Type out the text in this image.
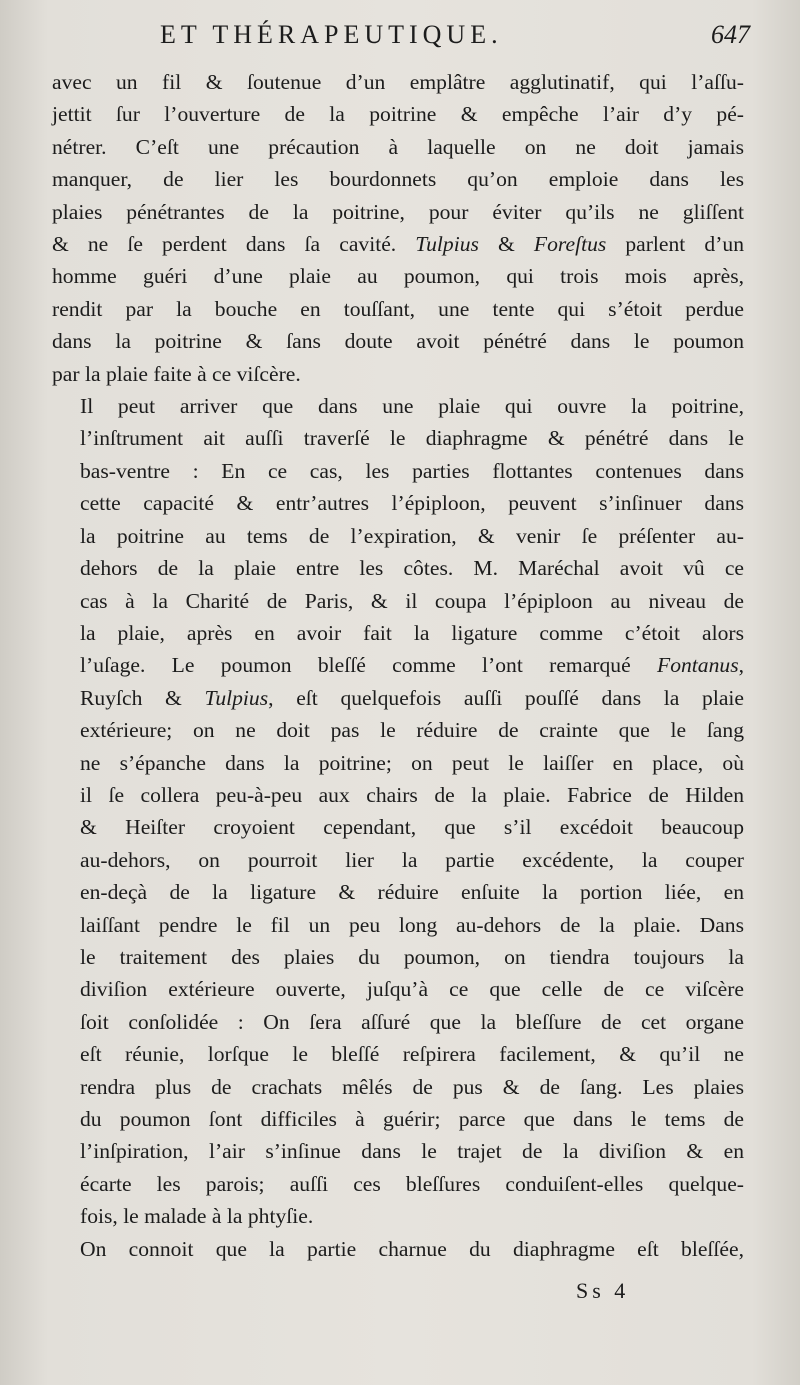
ET THÉRAPEUTIQUE.	647

avec un fil & ſoutenue d’un emplâtre agglutinatif, qui l’aſſu-
jettit ſur l’ouverture de la poitrine & empêche l’air d’y pé-
nétrer. C’eſt une précaution à laquelle on ne doit jamais
manquer, de lier les bourdonnets qu’on emploie dans les
plaies pénétrantes de la poitrine, pour éviter qu’ils ne gliſſent
& ne ſe perdent dans ſa cavité. Tulpius & Foreſtus parlent d’un
homme guéri d’une plaie au poumon, qui trois mois après,
rendit par la bouche en touſſant, une tente qui s’étoit perdue
dans la poitrine & ſans doute avoit pénétré dans le poumon
par la plaie faite à ce viſcère.

Il peut arriver que dans une plaie qui ouvre la poitrine,
l’inſtrument ait auſſi traverſé le diaphragme & pénétré dans le
bas-ventre : En ce cas, les parties flottantes contenues dans
cette capacité & entr’autres l’épiploon, peuvent s’inſinuer dans
la poitrine au tems de l’expiration, & venir ſe préſenter au-
dehors de la plaie entre les côtes. M. Maréchal avoit vû ce
cas à la Charité de Paris, & il coupa l’épiploon au niveau de
la plaie, après en avoir fait la ligature comme c’étoit alors
l’uſage. Le poumon bleſſé comme l’ont remarqué Fontanus,
Ruyſch & Tulpius, eſt quelquefois auſſi pouſſé dans la plaie
extérieure; on ne doit pas le réduire de crainte que le ſang
ne s’épanche dans la poitrine; on peut le laiſſer en place, où
il ſe collera peu-à-peu aux chairs de la plaie. Fabrice de Hilden
& Heiſter croyoient cependant, que s’il excédoit beaucoup
au-dehors, on pourroit lier la partie excédente, la couper
en-deçà de la ligature & réduire enſuite la portion liée, en
laiſſant pendre le fil un peu long au-dehors de la plaie. Dans
le traitement des plaies du poumon, on tiendra toujours la
diviſion extérieure ouverte, juſqu’à ce que celle de ce viſcère
ſoit conſolidée : On ſera aſſuré que la bleſſure de cet organe
eſt réunie, lorſque le bleſſé reſpirera facilement, & qu’il ne
rendra plus de crachats mêlés de pus & de ſang. Les plaies
du poumon ſont difficiles à guérir; parce que dans le tems de
l’inſpiration, l’air s’inſinue dans le trajet de la diviſion & en
écarte les parois; auſſi ces bleſſures conduiſent-elles quelque-
fois, le malade à la phtyſie.

On connoit que la partie charnue du diaphragme eſt bleſſée,

Ss 4
